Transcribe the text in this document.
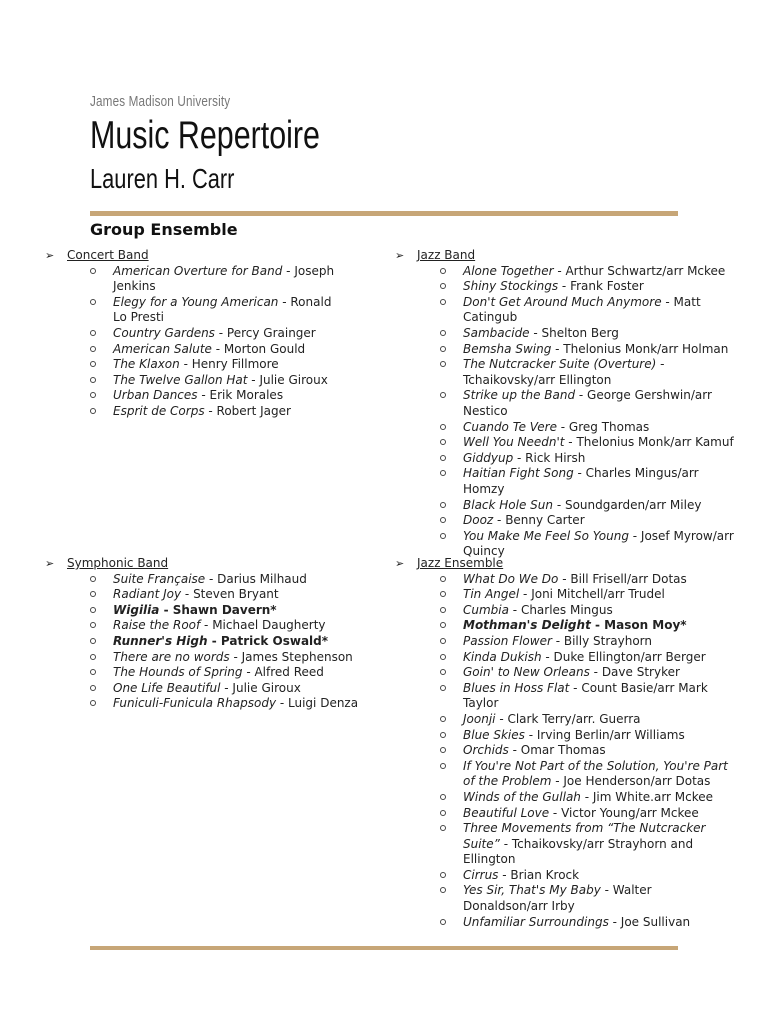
James Madison University
Music Repertoire
Lauren H. Carr
Group Ensemble
➢ Concert Band
American Overture for Band - Joseph Jenkins
Elegy for a Young American - Ronald Lo Presti
Country Gardens - Percy Grainger
American Salute - Morton Gould
The Klaxon - Henry Fillmore
The Twelve Gallon Hat - Julie Giroux
Urban Dances - Erik Morales
Esprit de Corps - Robert Jager
➢ Jazz Band
Alone Together - Arthur Schwartz/arr Mckee
Shiny Stockings - Frank Foster
Don't Get Around Much Anymore - Matt Catingub
Sambacide - Shelton Berg
Bemsha Swing - Thelonius Monk/arr Holman
The Nutcracker Suite (Overture) - Tchaikovsky/arr Ellington
Strike up the Band - George Gershwin/arr Nestico
Cuando Te Vere - Greg Thomas
Well You Needn't - Thelonius Monk/arr Kamuf
Giddyup - Rick Hirsh
Haitian Fight Song - Charles Mingus/arr Homzy
Black Hole Sun - Soundgarden/arr Miley
Dooz - Benny Carter
You Make Me Feel So Young - Josef Myrow/arr Quincy
➢ Symphonic Band
Suite Française - Darius Milhaud
Radiant Joy - Steven Bryant
Wigilia - Shawn Davern*
Raise the Roof - Michael Daugherty
Runner's High - Patrick Oswald*
There are no words - James Stephenson
The Hounds of Spring - Alfred Reed
One Life Beautiful - Julie Giroux
Funiculi-Funicula Rhapsody - Luigi Denza
➢ Jazz Ensemble
What Do We Do - Bill Frisell/arr Dotas
Tin Angel - Joni Mitchell/arr Trudel
Cumbia - Charles Mingus
Mothman's Delight - Mason Moy*
Passion Flower - Billy Strayhorn
Kinda Dukish - Duke Ellington/arr Berger
Goin' to New Orleans - Dave Stryker
Blues in Hoss Flat - Count Basie/arr Mark Taylor
Joonji - Clark Terry/arr. Guerra
Blue Skies - Irving Berlin/arr Williams
Orchids - Omar Thomas
If You're Not Part of the Solution, You're Part of the Problem - Joe Henderson/arr Dotas
Winds of the Gullah - Jim White.arr Mckee
Beautiful Love - Victor Young/arr Mckee
Three Movements from “The Nutcracker Suite” - Tchaikovsky/arr Strayhorn and Ellington
Cirrus - Brian Krock
Yes Sir, That's My Baby - Walter Donaldson/arr Irby
Unfamiliar Surroundings - Joe Sullivan
